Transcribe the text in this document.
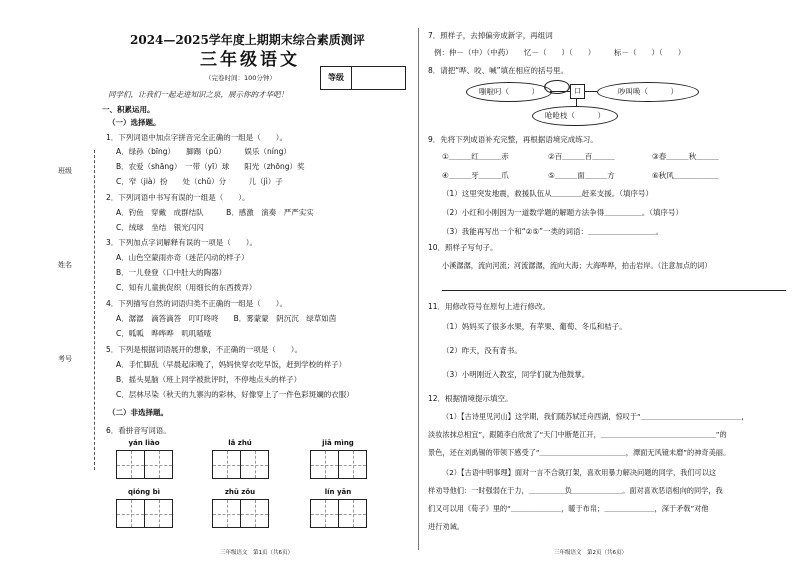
2024—2025学年度上期期末综合素质测评
三年级语文
（完卷时间：100分钟）	等级
同学们，让我们一起走进知识之泉，展示你的才华吧！
班级
姓名
考号
一、积累运用。
（一）选择题。
1．下列词语中加点字拼音完全正确的一组是（　　）。
A．绿孙（bīng）　　脚踢（pǔ）　　　娱乐（níng）
B．农爱（shāng）　一带（yī）球　　阳光（zhōng）奖
C．窄（jià）扮　　处（chǔ）分　　　儿（jì）子
2．下列词语中书写有误的一组是（　　）。
A．钓鱼　穿戴　成群结队　　　B．感激　演奏　严严实实
C．绒球　坐结　银光闪闪
3．下列加点字词解释有误的一项是（　　）。
A．山色空蒙雨亦奇（迷茫闪动的样子）
B．一儿登登（口中肚大的陶器）
C．知有儿童挑促织（用细长的东西拨弄）
4．下列描写自然的词语归类不正确的一组是（　　）。
A．潺潺　滴答滴答　叮叮咚咚　　B．雾蒙蒙　阴沉沉　绿草如茵
C．呱呱　哗哗哗　叽叽喳喳
5．下列是根据词语展开的想象，不正确的一项是（　　）。
A．手忙脚乱（早晨起床晚了，妈妈快穿衣吃早饭，赶到学校的样子）
B．摇头晃脑（班上同学被批评时，不停地点头的样子）
C．层林尽染（秋天的九寨沟的彩林，好像穿上了一件色彩斑斓的衣服）
（二）非选择题。
6．看拼音写词语。
yán liào	lǎ zhú	jiā mìng
qióng bì	zhū zǒu	lín yān
三年级语文　第1页（共6页）
7．照样子，去掉偏旁成新字，再组词
例：仲－（中）（中药）　　忆－（　　）（　　）　　　标－（　　）（　　）
8．请把“哗、咬、喊”填在相应的括号里。
嗤啦叼（　　　）	口
（　　　）
吵叫唤（　　　）
呛呛枝（　　　）
9．先将下列成语补充完整，再根据语境完成练习。
①＿＿＿红＿＿＿赤	②百＿＿＿百＿＿＿	③春＿＿＿秋＿＿＿
④＿＿＿牙＿＿＿爪	⑤＿＿＿面＿＿＿方	⑥秋风＿＿＿＿＿＿
（1）这里突发地震，救援队伍从＿＿＿＿赶来支援。（填序号）
（2）小红和小刚因为一道数学题的解题方法争得＿＿＿＿＿。（填序号）
（3）我能再写出一个和“②⑤”一类的词语：＿＿＿＿＿＿＿＿＿。
10．照样子写句子。
小溪潺潺，流向河流；河流潺潺，流向大海；大海哗哗，拍击岩岸。（注意加点的词）
11．用修改符号在原句上进行修改。
（1）妈妈买了很多水果，有苹果、葡萄、冬瓜和桔子。
（2）昨天，没有背书。
（3）小明刚近入教室，同学们就为他鼓掌。
12．根据情境提示填空。
（1）【古诗里见河山】这学期，我们随苏轼迁舟西湖，惊叹于“＿＿＿＿＿＿＿＿＿＿＿＿＿＿，
淡妆浓抹总相宜”，跟随李白欣赏了“天门中断楚江开，＿＿＿＿＿＿＿＿＿＿＿＿＿＿＿＿”的
景色，还在刘禹锡的带领下感受了“＿＿＿＿＿＿＿＿＿＿＿＿，潭面无风镜未磨”的神奇美丽。
（2）【古语中明事理】面对一言不合就打架，喜欢用暴力解决问题的同学，我们可以这
样劝导他们：一时强弱在于力，＿＿＿＿＿负＿＿＿＿＿＿＿。面对喜欢恶语相向的同学，我
们又可以用《荀子》里的“＿＿＿＿＿＿＿，暖于布帛；＿＿＿＿＿＿＿，深于矛戟”对他
进行劝诫。
三年级语文　第2页（共6页）
